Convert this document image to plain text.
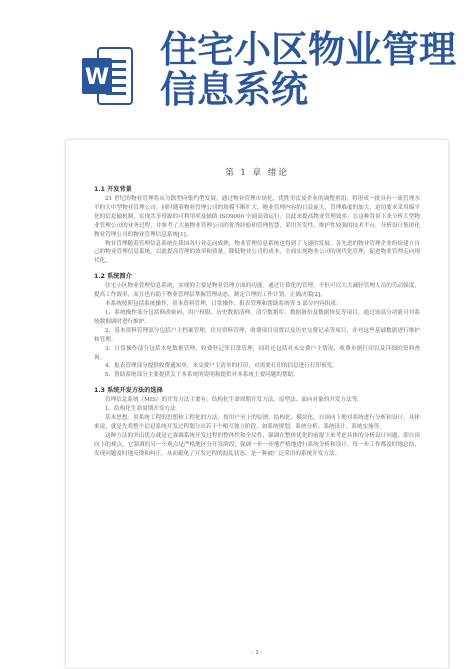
W
住宅小区物业管理信息系统
第 1 章 绪论
1.1 开发背景
21 世纪的物业管理将从分散型向集约型发展，通过物业管理市场化，优胜劣汰及企业的调整重组，将形成一批具有一流管理水平的大中型物业管理公司。同时随着物业管理公司的规模不断扩大，物业管理内容的日益庞大，管理难度的加大，迫切要求采用编平化的信息输机制，实现共享资源的可利用率及辅助 ISO9000 全面高效运行，以此来提高物业管理效率。在这种背景下来分析大型物业管理公司的业务过程，并参考了大量物业管理公司的优秀经验和管理智慧，采用开发性，维护性较强的技术平台，分析设计集团化物业管理公司的物业管理信息系统[1]。
物业管理随着管理信息系统在我国各行业走向成熟，物业管理信息系统也得到了飞速的发展。各先进的物业管理企业纷纷建立自己的物业管理信息系统，以此提高管理的效率和质量，降低物业公司的成本，全面实现物业公司的现代化管理，促进物业管理走向现代化。
1.2 系统简介
住宅小区物业管理信息系统，实现的主要是物业管理方面的功能。通过计算化的管理，不但可以大大减轻管理人员的劳动强度，提高工作效率，而且也有助于物业管理层掌握管理动态，制定合理的工作计划，正确决策[2]。
本系统按照包括系统操作，基本资料管理，日常操作，报表管理和帮助系统等 5 部分内容组成：
1、系统操作部分包括修改密码、用户权限、历史数据清理、清空数据库、数据备份及数据恢复等项目，通过该部分功能可对系统数据调时进行维护。
2、基本资料管理部分包括户主档案管理，住房资料管理，收费项目设置以及历史交费记录等项目，并对这些基础数据进行维护和管理。
3、日常操作部分包括水电数据管理，收费登记等日常管理，同时还包括对未交费户主情况，收费单据打印以及详细的资料查询。
4、报表管理部分提供收费通知单，未交费户主清单的打印，对需要打印的信息进行打印预览。
5、帮助系统部分主要提供关于本系统的说明和提供对本系统主要问题的帮助。
1.3 系统开发方法的选择
管理信息系统（MIS）的开发方法主要有：结构化生命周期开发方法、原型法、面向对象的开发方法等。
1、结构化生命周期开发方法
基本思想：用系统工程的思想和工程化的方法，按用户至上的原则，结构化、模块化，自顶向下地对系统进行分析和设计。具体来说，就是先将整个信息系统开发过程划分出若干个相互独立阶段，如系统规划、系统分析、系统设计、系统实施等。
这种方法的突出优点就是它强调系统开发过程的整体性和全局性，强调在整体优化的前提下来考虑具体的分析设计问题，即自顶向下的观点。它强调的另一个观点是严格地区分开发阶段，强调一步一步地严格地进行系统分析和设计，每一步工作都及时地总结，发现问题及时地反馈和纠正，从而避免了开发过程的混乱状态，是一种被广泛采用的系统开发方法。
- 1 -
